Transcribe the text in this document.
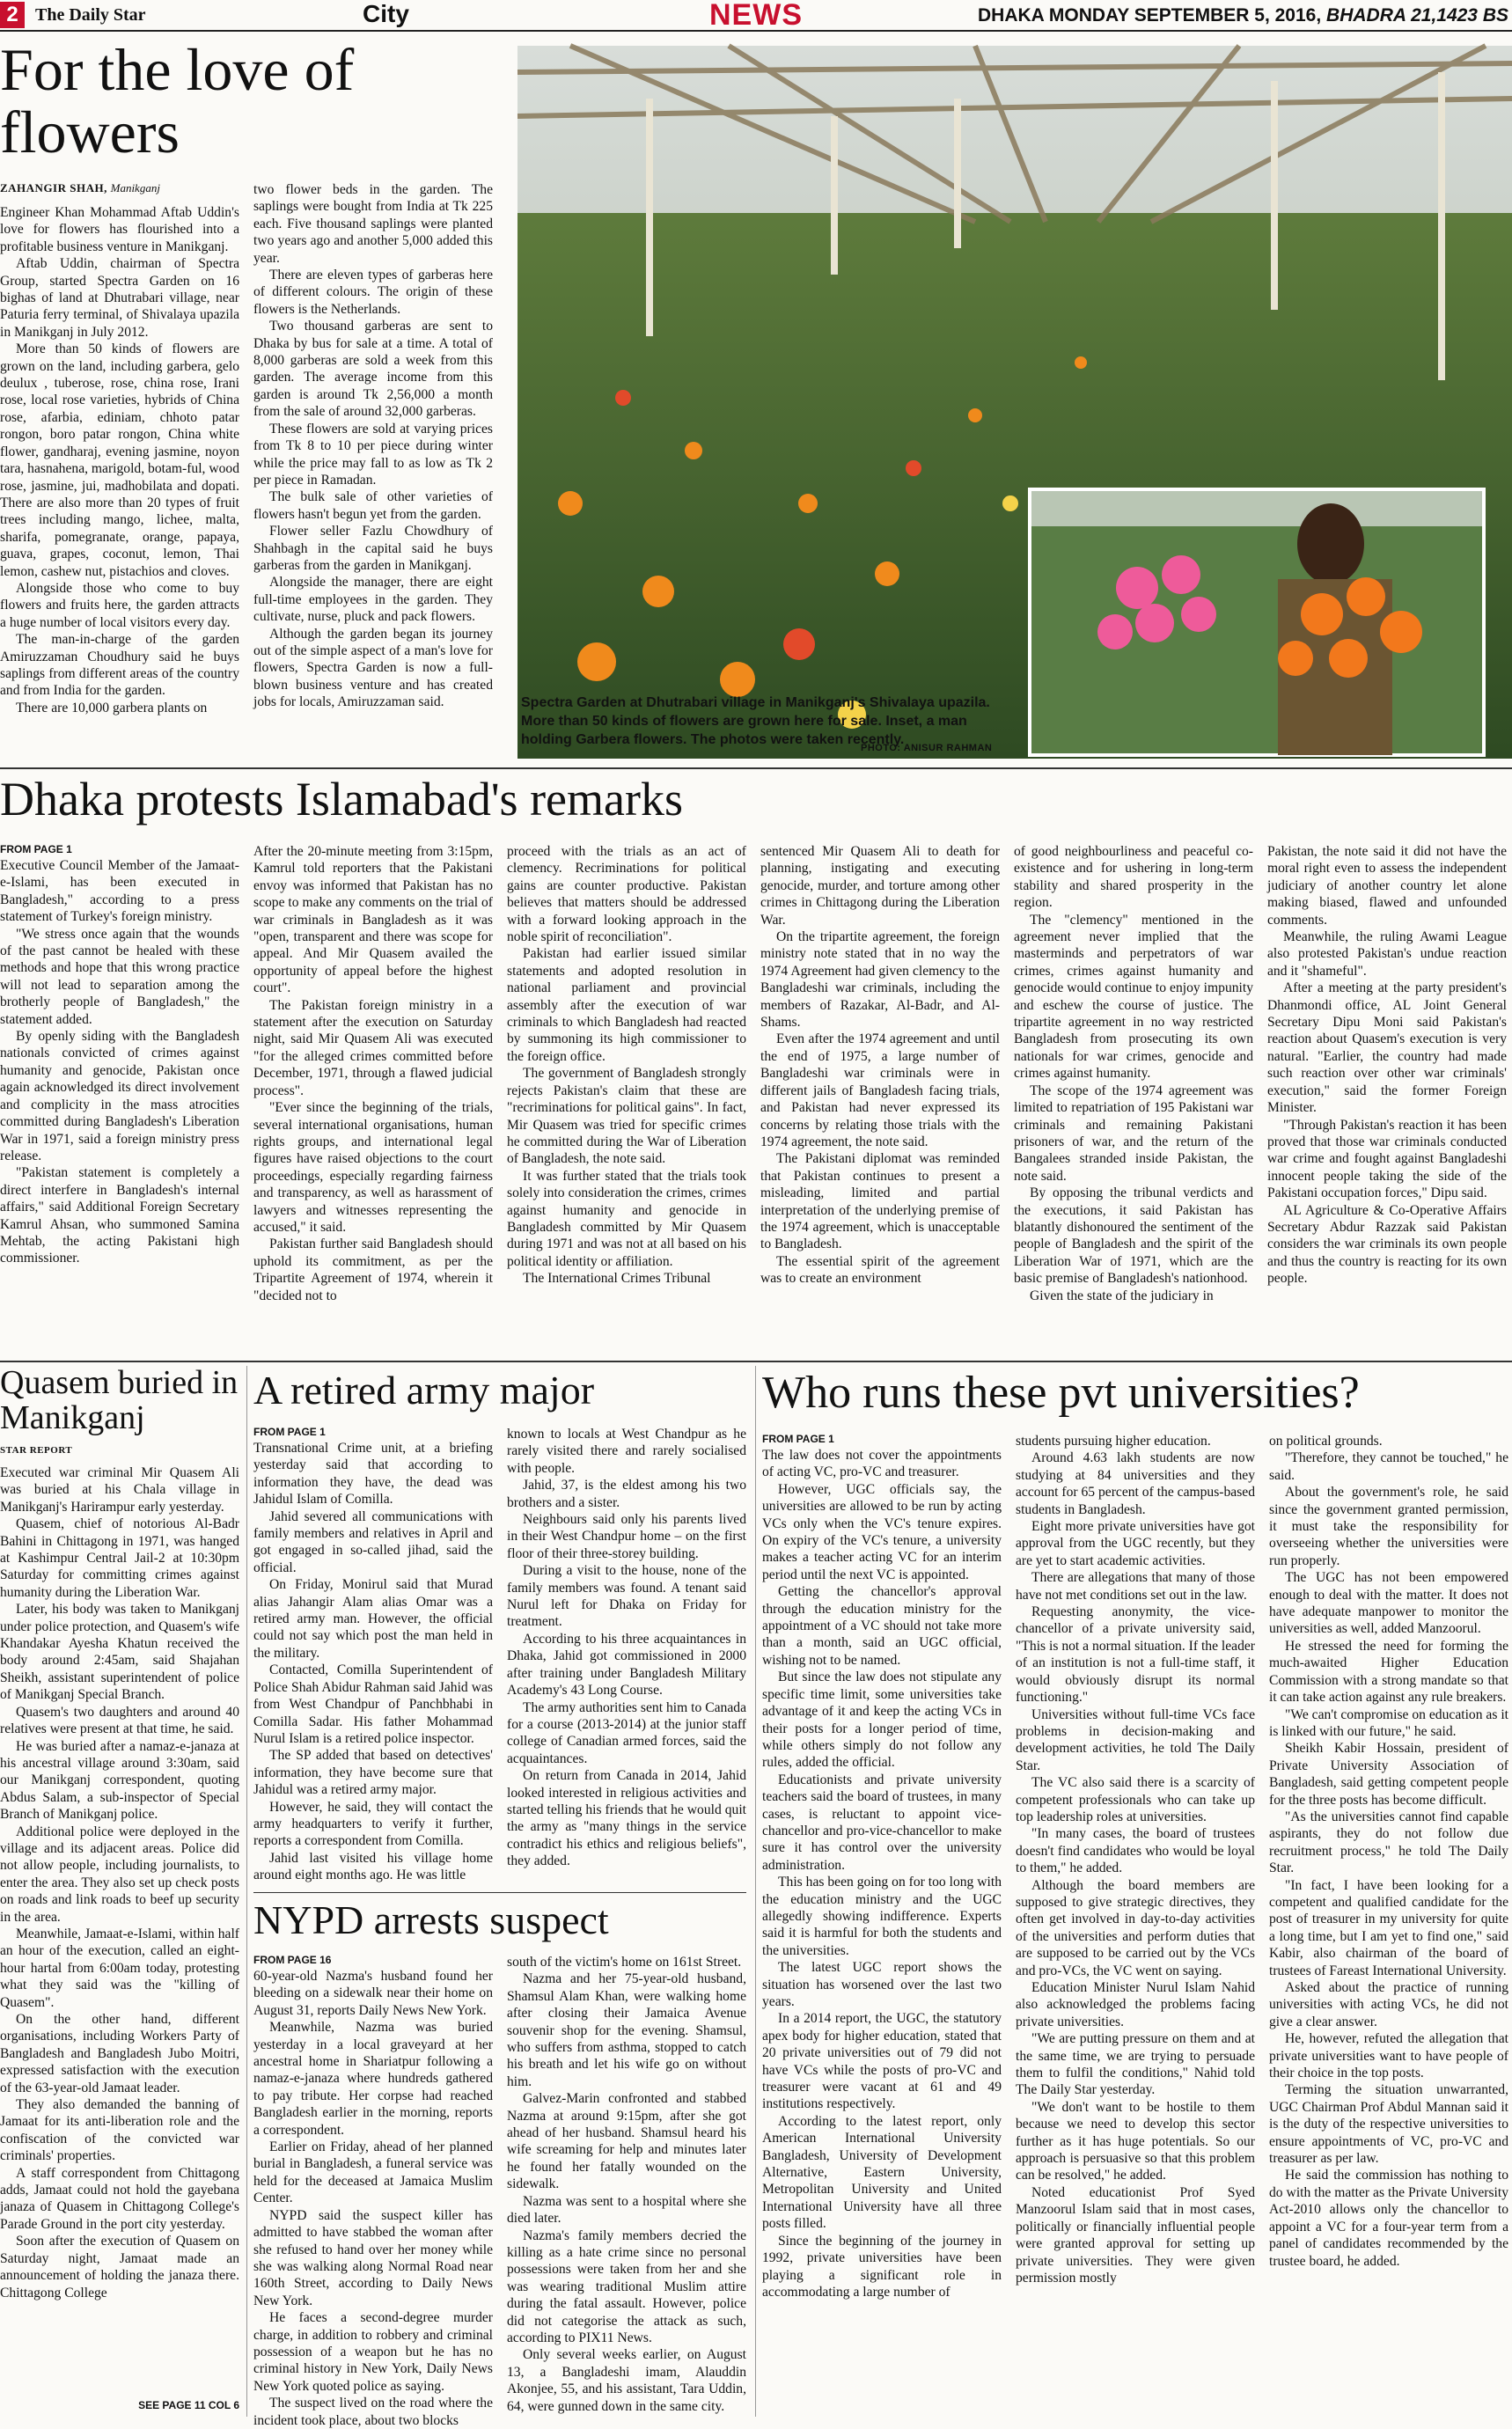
2 The Daily Star	City	NEWS	DHAKA MONDAY SEPTEMBER 5, 2016, BHADRA 21,1423 BS
For the love of flowers
ZAHANGIR SHAH, Manikganj

Engineer Khan Mohammad Aftab Uddin's love for flowers has flourished into a profitable business venture in Manikganj.

Aftab Uddin, chairman of Spectra Group, started Spectra Garden on 16 bighas of land at Dhutrabari village, near Paturia ferry terminal, of Shivalaya upazila in Manikganj in July 2012.

More than 50 kinds of flowers are grown on the land, including garbera, gelo deulux , tuberose, rose, china rose, Irani rose, local rose varieties, hybrids of China rose, afarbia, ediniam, chhoto patar rongon, boro patar rongon, China white flower, gandharaj, evening jasmine, noyon tara, hasnahena, marigold, botam-ful, wood rose, jasmine, jui, madhobilata and dopati. There are also more than 20 types of fruit trees including mango, lichee, malta, sharifa, pomegranate, orange, papaya, guava, grapes, coconut, lemon, Thai lemon, cashew nut, pistachios and cloves.

Alongside those who come to buy flowers and fruits here, the garden attracts a huge number of local visitors every day.

The man-in-charge of the garden Amiruzzaman Choudhury said he buys saplings from different areas of the country and from India for the garden.

There are 10,000 garbera plants on

two flower beds in the garden. The saplings were bought from India at Tk 225 each. Five thousand saplings were planted two years ago and another 5,000 added this year.

There are eleven types of garberas here of different colours. The origin of these flowers is the Netherlands.

Two thousand garberas are sent to Dhaka by bus for sale at a time. A total of 8,000 garberas are sold a week from this garden. The average income from this garden is around Tk 2,56,000 a month from the sale of around 32,000 garberas.

These flowers are sold at varying prices from Tk 8 to 10 per piece during winter while the price may fall to as low as Tk 2 per piece in Ramadan.

The bulk sale of other varieties of flowers hasn't begun yet from the garden.

Flower seller Fazlu Chowdhury of Shahbagh in the capital said he buys garberas from the garden in Manikganj.

Alongside the manager, there are eight full-time employees in the garden. They cultivate, nurse, pluck and pack flowers.

Although the garden began its journey out of the simple aspect of a man's love for flowers, Spectra Garden is now a full-blown business venture and has created jobs for locals, Amiruzzaman said.	Spectra Garden at Dhutrabari village in Manikganj's Shivalaya upazila. More than 50 kinds of flowers are grown here for sale. Inset, a man holding Garbera flowers. The photos were taken recently.
PHOTO: ANISUR RAHMAN
Dhaka protests Islamabad's remarks
FROM PAGE 1

Executive Council Member of the Jamaat-e-Islami, has been executed in Bangladesh," according to a press statement of Turkey's foreign ministry.

"We stress once again that the wounds of the past cannot be healed with these methods and hope that this wrong practice will not lead to separation among the brotherly people of Bangladesh," the statement added.

By openly siding with the Bangladesh nationals convicted of crimes against humanity and genocide, Pakistan once again acknowledged its direct involvement and complicity in the mass atrocities committed during Bangladesh's Liberation War in 1971, said a foreign ministry press release.

"Pakistan statement is completely a direct interfere in Bangladesh's internal affairs," said Additional Foreign Secretary Kamrul Ahsan, who summoned Samina Mehtab, the acting Pakistani high commissioner.

After the 20-minute meeting from 3:15pm, Kamrul told reporters that the Pakistani envoy was informed that Pakistan has no scope to make any comments on the trial of war criminals in Bangladesh as it was "open, transparent and there was scope for appeal. And Mir Quasem availed the opportunity of appeal before the highest court".

The Pakistan foreign ministry in a statement after the execution on Saturday night, said Mir Quasem Ali was executed "for the alleged crimes committed before December, 1971, through a flawed judicial process".

"Ever since the beginning of the trials, several international organisations, human rights groups, and international legal figures have raised objections to the court proceedings, especially regarding fairness and transparency, as well as harassment of lawyers and witnesses representing the accused," it said.

Pakistan further said Bangladesh should uphold its commitment, as per the Tripartite Agreement of 1974, wherein it "decided not to

proceed with the trials as an act of clemency. Recriminations for political gains are counter productive. Pakistan believes that matters should be addressed with a forward looking approach in the noble spirit of reconciliation".

Pakistan had earlier issued similar statements and adopted resolution in national parliament and provincial assembly after the execution of war criminals to which Bangladesh had reacted by summoning its high commissioner to the foreign office.

The government of Bangladesh strongly rejects Pakistan's claim that these are "recriminations for political gains". In fact, Mir Quasem was tried for specific crimes he committed during the War of Liberation of Bangladesh, the note said.

It was further stated that the trials took solely into consideration the crimes, crimes against humanity and genocide in Bangladesh committed by Mir Quasem during 1971 and was not at all based on his political identity or affiliation.

The International Crimes Tribunal

sentenced Mir Quasem Ali to death for planning, instigating and executing genocide, murder, and torture among other crimes in Chittagong during the Liberation War.

On the tripartite agreement, the foreign ministry note stated that in no way the 1974 Agreement had given clemency to the Bangladeshi war criminals, including the members of Razakar, Al-Badr, and Al-Shams.

Even after the 1974 agreement and until the end of 1975, a large number of Bangladeshi war criminals were in different jails of Bangladesh facing trials, and Pakistan had never expressed its concerns by relating those trials with the 1974 agreement, the note said.

The Pakistani diplomat was reminded that Pakistan continues to present a misleading, limited and partial interpretation of the underlying premise of the 1974 agreement, which is unacceptable to Bangladesh.

The essential spirit of the agreement was to create an environment

of good neighbourliness and peaceful co-existence and for ushering in long-term stability and shared prosperity in the region.

The "clemency" mentioned in the agreement never implied that the masterminds and perpetrators of war crimes, crimes against humanity and genocide would continue to enjoy impunity and eschew the course of justice. The tripartite agreement in no way restricted Bangladesh from prosecuting its own nationals for war crimes, genocide and crimes against humanity.

The scope of the 1974 agreement was limited to repatriation of 195 Pakistani war criminals and remaining Pakistani prisoners of war, and the return of the Bangalees stranded inside Pakistan, the note said.

By opposing the tribunal verdicts and the executions, it said Pakistan has blatantly dishonoured the sentiment of the people of Bangladesh and the spirit of the Liberation War of 1971, which are the basic premise of Bangladesh's nationhood.

Given the state of the judiciary in

Pakistan, the note said it did not have the moral right even to assess the independent judiciary of another country let alone making biased, flawed and unfounded comments.

Meanwhile, the ruling Awami League also protested Pakistan's undue reaction and it "shameful".

After a meeting at the party president's Dhanmondi office, AL Joint General Secretary Dipu Moni said Pakistan's reaction about Quasem's execution is very natural. "Earlier, the country had made such reaction over other war criminals' execution," said the former Foreign Minister.

"Through Pakistan's reaction it has been proved that those war criminals conducted war crime and fought against Bangladeshi innocent people taking the side of the Pakistani occupation forces," Dipu said.

AL Agriculture & Co-Operative Affairs Secretary Abdur Razzak said Pakistan considers the war criminals its own people and thus the country is reacting for its own people.

Quasem buried in Manikganj
STAR REPORT

Executed war criminal Mir Quasem Ali was buried at his Chala village in Manikganj's Harirampur early yesterday.

Quasem, chief of notorious Al-Badr Bahini in Chittagong in 1971, was hanged at Kashimpur Central Jail-2 at 10:30pm Saturday for committing crimes against humanity during the Liberation War.

Later, his body was taken to Manikganj under police protection, and Quasem's wife Khandakar Ayesha Khatun received the body around 2:45am, said Shajahan Sheikh, assistant superintendent of police of Manikganj Special Branch.

Quasem's two daughters and around 40 relatives were present at that time, he said.

He was buried after a namaz-e-janaza at his ancestral village around 3:30am, said our Manikganj correspondent, quoting Abdus Salam, a sub-inspector of Special Branch of Manikganj police.

Additional police were deployed in the village and its adjacent areas. Police did not allow people, including journalists, to enter the area. They also set up check posts on roads and link roads to beef up security in the area.

Meanwhile, Jamaat-e-Islami, within half an hour of the execution, called an eight-hour hartal from 6:00am today, protesting what they said was the "killing of Quasem".

On the other hand, different organisations, including Workers Party of Bangladesh and Bangladesh Jubo Moitri, expressed satisfaction with the execution of the 63-year-old Jamaat leader.

They also demanded the banning of Jamaat for its anti-liberation role and the confiscation of the convicted war criminals' properties.

A staff correspondent from Chittagong adds, Jamaat could not hold the gayebana janaza of Quasem in Chittagong College's Parade Ground in the port city yesterday.

Soon after the execution of Quasem on Saturday night, Jamaat made an announcement of holding the janaza there. Chittagong College

SEE PAGE 11 COL 6
A retired army major
FROM PAGE 1

Transnational Crime unit, at a briefing yesterday said that according to information they have, the dead was Jahidul Islam of Comilla.

Jahid severed all communications with family members and relatives in April and got engaged in so-called jihad, said the official.

On Friday, Monirul said that Murad alias Jahangir Alam alias Omar was a retired army man. However, the official could not say which post the man held in the military.

Contacted, Comilla Superintendent of Police Shah Abidur Rahman said Jahid was from West Chandpur of Panchbhabi in Comilla Sadar. His father Mohammad Nurul Islam is a retired police inspector.

The SP added that based on detectives' information, they have become sure that Jahidul was a retired army major.

However, he said, they will contact the army headquarters to verify it further, reports a correspondent from Comilla.

Jahid last visited his village home around eight months ago. He was little

known to locals at West Chandpur as he rarely visited there and rarely socialised with people.

Jahid, 37, is the eldest among his two brothers and a sister.

Neighbours said only his parents lived in their West Chandpur home – on the first floor of their three-storey building.

During a visit to the house, none of the family members was found. A tenant said Nurul left for Dhaka on Friday for treatment.

According to his three acquaintances in Dhaka, Jahid got commissioned in 2000 after training under Bangladesh Military Academy's 43 Long Course.

The army authorities sent him to Canada for a course (2013-2014) at the junior staff college of Canadian armed forces, said the acquaintances.

On return from Canada in 2014, Jahid looked interested in religious activities and started telling his friends that he would quit the army as "many things in the service contradict his ethics and religious beliefs", they added.

NYPD arrests suspect
FROM PAGE 16

60-year-old Nazma's husband found her bleeding on a sidewalk near their home on August 31, reports Daily News New York.

Meanwhile, Nazma was buried yesterday in a local graveyard at her ancestral home in Shariatpur following a namaz-e-janaza where hundreds gathered to pay tribute. Her corpse had reached Bangladesh earlier in the morning, reports a correspondent.

Earlier on Friday, ahead of her planned burial in Bangladesh, a funeral service was held for the deceased at Jamaica Muslim Center.

NYPD said the suspect killer has admitted to have stabbed the woman after she refused to hand over her money while she was walking along Normal Road near 160th Street, according to Daily News New York.

He faces a second-degree murder charge, in addition to robbery and criminal possession of a weapon but he has no criminal history in New York, Daily News New York quoted police as saying.

The suspect lived on the road where the incident took place, about two blocks

south of the victim's home on 161st Street.

Nazma and her 75-year-old husband, Shamsul Alam Khan, were walking home after closing their Jamaica Avenue souvenir shop for the evening. Shamsul, who suffers from asthma, stopped to catch his breath and let his wife go on without him.

Galvez-Marin confronted and stabbed Nazma at around 9:15pm, after she got ahead of her husband. Shamsul heard his wife screaming for help and minutes later he found her fatally wounded on the sidewalk.

Nazma was sent to a hospital where she died later.

Nazma's family members decried the killing as a hate crime since no personal possessions were taken from her and she was wearing traditional Muslim attire during the fatal assault. However, police did not categorise the attack as such, according to PIX11 News.

Only several weeks earlier, on August 13, a Bangladeshi imam, Alauddin Akonjee, 55, and his assistant, Tara Uddin, 64, were gunned down in the same city.

Who runs these pvt universities?
FROM PAGE 1

The law does not cover the appointments of acting VC, pro-VC and treasurer.

However, UGC officials say, the universities are allowed to be run by acting VCs only when the VC's tenure expires. On expiry of the VC's tenure, a university makes a teacher acting VC for an interim period until the next VC is appointed.

Getting the chancellor's approval through the education ministry for the appointment of a VC should not take more than a month, said an UGC official, wishing not to be named.

But since the law does not stipulate any specific time limit, some universities take advantage of it and keep the acting VCs in their posts for a longer period of time, while others simply do not follow any rules, added the official.

Educationists and private university teachers said the board of trustees, in many cases, is reluctant to appoint vice-chancellor and pro-vice-chancellor to make sure it has control over the university administration.

This has been going on for too long with the education ministry and the UGC allegedly showing indifference. Experts said it is harmful for both the students and the universities.

The latest UGC report shows the situation has worsened over the last two years.

In a 2014 report, the UGC, the statutory apex body for higher education, stated that 20 private universities out of 79 did not have VCs while the posts of pro-VC and treasurer were vacant at 61 and 49 institutions respectively.

According to the latest report, only American International University Bangladesh, University of Development Alternative, Eastern University, Metropolitan University and United International University have all three posts filled.

Since the beginning of the journey in 1992, private universities have been playing a significant role in accommodating a large number of

students pursuing higher education.

Around 4.63 lakh students are now studying at 84 universities and they account for 65 percent of the campus-based students in Bangladesh.

Eight more private universities have got approval from the UGC recently, but they are yet to start academic activities.

There are allegations that many of those have not met conditions set out in the law.

Requesting anonymity, the vice-chancellor of a private university said, "This is not a normal situation. If the leader of an institution is not a full-time staff, it would obviously disrupt its normal functioning."

Universities without full-time VCs face problems in decision-making and development activities, he told The Daily Star.

The VC also said there is a scarcity of competent professionals who can take up top leadership roles at universities.

"In many cases, the board of trustees doesn't find candidates who would be loyal to them," he added.

Although the board members are supposed to give strategic directives, they often get involved in day-to-day activities of the universities and perform duties that are supposed to be carried out by the VCs and pro-VCs, the VC went on saying.

Education Minister Nurul Islam Nahid also acknowledged the problems facing private universities.

"We are putting pressure on them and at the same time, we are trying to persuade them to fulfil the conditions," Nahid told The Daily Star yesterday.

"We don't want to be hostile to them because we need to develop this sector further as it has huge potentials. So our approach is persuasive so that this problem can be resolved," he added.

Noted educationist Prof Syed Manzoorul Islam said that in most cases, politically or financially influential people were granted approval for setting up private universities. They were given permission mostly

on political grounds.

"Therefore, they cannot be touched," he said.

About the government's role, he said since the government granted permission, it must take the responsibility for overseeing whether the universities were run properly.

The UGC has not been empowered enough to deal with the matter. It does not have adequate manpower to monitor the universities as well, added Manzoorul.

He stressed the need for forming the much-awaited Higher Education Commission with a strong mandate so that it can take action against any rule breakers.

"We can't compromise on education as it is linked with our future," he said.

Sheikh Kabir Hossain, president of Private University Association of Bangladesh, said getting competent people for the three posts has become difficult.

"As the universities cannot find capable aspirants, they do not follow due recruitment process," he told The Daily Star.

"In fact, I have been looking for a competent and qualified candidate for the post of treasurer in my university for quite a long time, but I am yet to find one," said Kabir, also chairman of the board of trustees of Fareast International University.

Asked about the practice of running universities with acting VCs, he did not give a clear answer.

He, however, refuted the allegation that private universities want to have people of their choice in the top posts.

Terming the situation unwarranted, UGC Chairman Prof Abdul Mannan said it is the duty of the respective universities to ensure appointments of VC, pro-VC and treasurer as per law.

He said the commission has nothing to do with the matter as the Private University Act-2010 allows only the chancellor to appoint a VC for a four-year term from a panel of candidates recommended by the trustee board, he added.
